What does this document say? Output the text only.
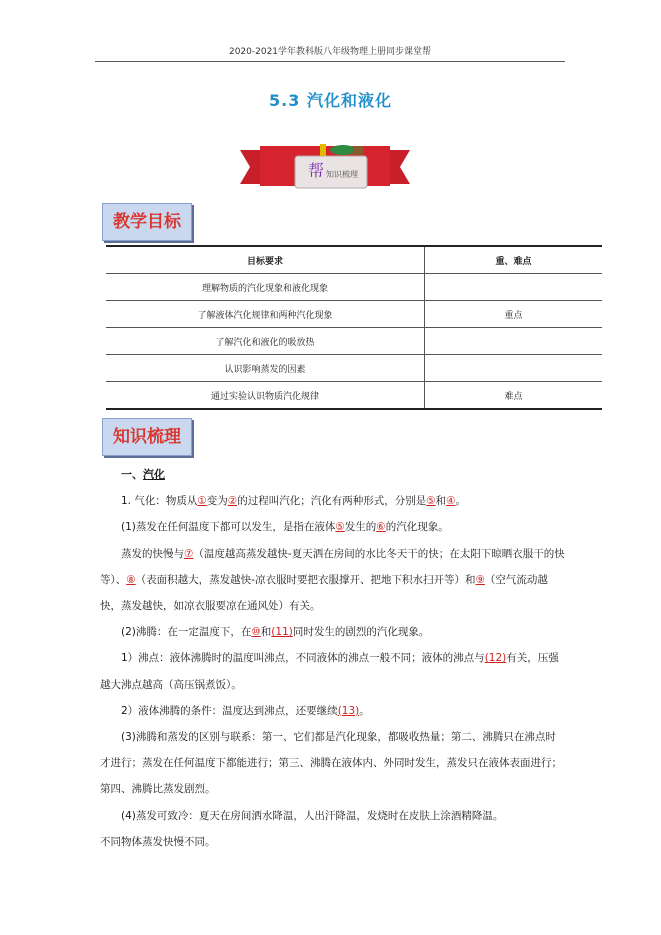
2020-2021学年教科版八年级物理上册同步课堂帮
5.3 汽化和液化
帮 知识梳理
教学目标
目标要求	重、难点
理解物质的汽化现象和液化现象	
了解液体汽化规律和两种汽化现象	重点
了解汽化和液化的吸放热	
认识影响蒸发的因素	
通过实验认识物质汽化规律	难点
知识梳理

一、汽化

1. 气化：物质从①变为②的过程叫汽化；汽化有两种形式，分别是⑤和④。

(1)蒸发在任何温度下都可以发生，是指在液体⑤发生的⑥的汽化现象。

蒸发的快慢与⑦（温度越高蒸发越快-夏天洒在房间的水比冬天干的快；在太阳下晾晒衣服干的快等）、⑧（表面积越大，蒸发越快-凉衣服时要把衣服撑开、把地下积水扫开等）和⑨（空气流动越快，蒸发越快，如凉衣服要凉在通风处）有关。

(2)沸腾：在一定温度下，在⑩和(11)同时发生的剧烈的汽化现象。

1）沸点：液体沸腾时的温度叫沸点，不同液体的沸点一般不同；液体的沸点与(12)有关，压强越大沸点越高（高压锅煮饭）。

2）液体沸腾的条件：温度达到沸点，还要继续(13)。

(3)沸腾和蒸发的区别与联系：第一、它们都是汽化现象，都吸收热量；第二、沸腾只在沸点时才进行；蒸发在任何温度下都能进行；第三、沸腾在液体内、外同时发生，蒸发只在液体表面进行；第四、沸腾比蒸发剧烈。

(4)蒸发可致冷：夏天在房间洒水降温，人出汗降温，发烧时在皮肤上涂酒精降温。

不同物体蒸发快慢不同。
